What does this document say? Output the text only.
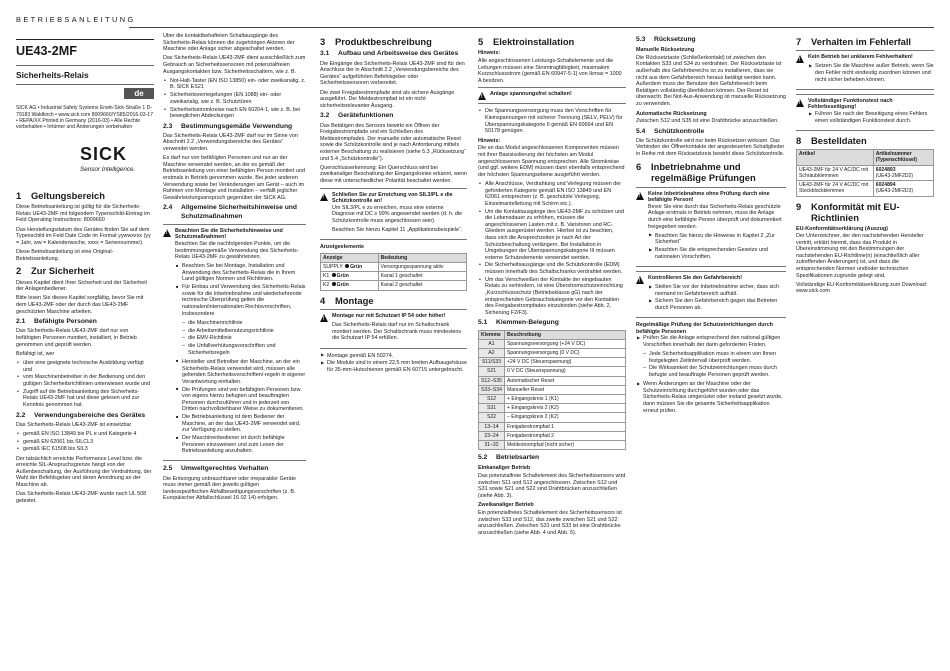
BETRIEBSANLEITUNG
UE43-2MF
Sicherheits-Relais
de

SICK AG • Industrial Safety Systems Erwin-Sick-Straße 1 D-79183 Waldkirch • www.sick.com 8009660/YS85/2016-03-17 • REPA/XX Printed in Germany (2016-03) • Alle Rechte vorbehalten • Irrtümer und Änderungen vorbehalten

SICK
Sensor Intelligence.
1 Geltungsbereich

Diese Betriebsanleitung ist gültig für die Sicherheits-Relais UE43-2MF mit folgendem Typenschild-Eintrag im Feld Operating Instructions: 8009660

Das Herstellungsdatum des Gerätes finden Sie auf dem Typenschild im Feld Date Code im Format yywwxxxx (yy = Jahr, ww = Kalenderwoche, xxxx = Seriennummer).

Diese Betriebsanleitung ist eine Original-Betriebsanleitung.

2 Zur Sicherheit

Dieses Kapitel dient Ihrer Sicherheit und der Sicherheit der Anlagenbediener.

Bitte lesen Sie dieses Kapitel sorgfältig, bevor Sie mit dem UE43-2MF oder der durch das UE43-2MF geschützten Maschine arbeiten.

2.1 Befähigte Personen

Das Sicherheits-Relais UE43-2MF darf nur von befähigten Personen montiert, installiert, in Betrieb genommen und geprüft werden.

Befähigt ist, wer

• über eine geeignete technische Ausbildung verfügt und
• vom Maschinenbetreiber in der Bedienung und den gültigen Sicherheitsrichtlinien unterwiesen wurde und
• Zugriff auf die Betriebsanleitung des Sicherheits-Relais UE43-2MF hat und diese gelesen und zur Kenntnis genommen hat.
2.2 Verwendungsbereiche des Gerätes

Das Sicherheits-Relais UE43-2MF ist einsetzbar

• gemäß EN ISO 13849 bis PL e und Kategorie 4
• gemäß EN 62061 bis SILCL3
• gemäß IEC 61508 bis SIL3

Der tatsächlich erreichte Performance Level bzw. die erreichte SIL-Anspruchsgrenze hängt von der Außenbeschaltung, der Ausführung der Verdrahtung, der Wahl der Befehlsgeber und deren Anordnung an der Maschine ab.

Das Sicherheits-Relais UE43-2MF wurde nach UL 508 getestet.

Über die kontaktbehafteten Schaltausgänge des Sicherheits-Relais können die zugehörigen Aktoren der Maschine oder Anlage sicher abgeschaltet werden.

Das Sicherheits-Relais UE43-2MF dient ausschließlich zum Gebrauch an Sicherheitssensoren mit potenzialfreien Ausgangskontakten bzw. Sicherheitsschaltern, wie z. B.

• Not-Halt-Taster (EN ISO 13850) ein- oder zweikanalig, z. B. SICK ES21
• Sicherheitsverriegelungen (EN 1088) ein- oder zweikanalig, wie z. B. Schutztüren
• Sicherheitsstromkreise nach EN 60204-1, wie z. B. bei beweglichen Abdeckungen
2.3 Bestimmungsgemäße Verwendung

Das Sicherheits-Relais UE43-2MF darf nur im Sinne von Abschnitt 2.2 „Verwendungsbereiche des Gerätes“ verwendet werden.

Es darf nur von befähigten Personen und nur an der Maschine verwendet werden, an der es gemäß der Betriebsanleitung von einer befähigten Person montiert und erstmals in Betrieb genommen wurde. Bei jeder anderen Verwendung sowie bei Veränderungen am Gerät – auch im Rahmen von Montage und Installation – verfällt jeglicher Gewährleistungsanspruch gegenüber der SICK AG.

2.4 Allgemeine Sicherheitshinweise und Schutzmaßnahmen
!
Beachten Sie die Sicherheitshinweise und Schutzmaßnahmen!

Beachten Sie die nachfolgenden Punkte, um die bestimmungsgemäße Verwendung des Sicherheits-Relais UE43-2MF zu gewährleisten.

■ Beachten Sie bei Montage, Installation und Anwendung des Sicherheits-Relais die in Ihrem Land gültigen Normen und Richtlinien.
■ Für Einbau und Verwendung des Sicherheits-Relais sowie für die Inbetriebnahme und wiederkehrende technische Überprüfung gelten die nationalen/internationalen Rechtsvorschriften, insbesondere
– die Maschinenrichtlinie
– die Arbeitsmittelbenutzungsrichtlinie
– die EMV-Richtlinie
– die Unfallverhütungsvorschriften und Sicherheitsregeln
■ Hersteller und Betreiber der Maschine, an der ein Sicherheits-Relais verwendet wird, müssen alle geltenden Sicherheitsvorschriften/-regeln in eigener Verantwortung einhalten.
■ Die Prüfungen sind von befähigten Personen bzw. von eigens hierzu befugten und beauftragten Personen durchzuführen und in jederzeit von Dritten nachvollziehbarer Weise zu dokumentieren.
■ Die Betriebsanleitung ist dem Bediener der Maschine, an der das UE43-2MF verwendet wird, zur Verfügung zu stellen.
■ Der Maschinenbediener ist durch befähigte Personen einzuweisen und zum Lesen der Betriebsanleitung anzuhalten.
2.5 Umweltgerechtes Verhalten

Die Entsorgung unbrauchbarer oder irreparabler Geräte muss immer gemäß den jeweils gültigen landesspezifischen Abfallbeseitigungsvorschriften (z. B. Europäischer Abfallschlüssel 16 02 14) erfolgen.

3 Produktbeschreibung
3.1 Aufbau und Arbeitsweise des Gerätes

Die Eingänge des Sicherheits-Relais UE43-2MF sind für den Anschluss der in Abschnitt 2.2 „Verwendungsbereiche des Gerätes“ aufgeführten Befehlsgeber oder Sicherheitssensoren vorbereitet.

Die zwei Freigabestrompfade sind als sichere Ausgänge ausgeführt. Der Meldestrompfad ist ein nicht sicherheitsrelevanter Ausgang.

3.2 Gerätefunktionen

Das Betätigen des Sensors bewirkt ein Öffnen der Freigabestrompfade und ein Schließen des Meldestrompfades. Der manuelle oder automatische Reset sowie die Schützkontrolle sind je nach Anforderung mittels externer Beschaltung zu realisieren (siehe 5.3 „Rücksetzung“ und 5.4 „Schützkontrolle“).

Querschlusserkennung: Ein Querschluss wird bei zweikanaliger Beschaltung der Eingangskreise erkannt, wenn diese mit unterschiedlicher Polarität beschaltet werden.

!
Schließen Sie zur Erreichung von SIL3/PL e die Schützkontrolle an!

Um SIL3/PL e zu erreichen, muss eine externe Diagnose mit DC ≥ 99% angewendet werden (d. h. die Schützkontrolle muss angeschlossen sein).

Beachten Sie hierzu Kapitel 11 „Applikationsbeispiele“.

Anzeigeelemente
Anzeige	Bedeutung
SUPPLY Grün	Versorgungsspannung aktiv
K1 Grün	Kanal 1 geschaltet
K2 Grün	Kanal 2 geschaltet
4 Montage
!
Montage nur mit Schutzart IP 54 oder höher!

Das Sicherheits-Relais darf nur im Schaltschrank montiert werden. Der Schaltschrank muss mindestens die Schutzart IP 54 erfüllen.

▶ Montage gemäß EN 50274.
▶ Die Module sind in einem 22,5 mm breiten Aufbaugehäuse für 35-mm-Hutschienen gemäß EN 60715 untergebracht.
5 Elektroinstallation
Hinweis:

Alle angeschlossenen Leistungs-Schaltelemente und die Leitungen müssen eine Stromtragfähigkeit, maximalem Kurzschlussstrom (gemäß EN 60947-5-1) von Ikmax = 1000 A besitzen.

!
Anlage spannungsfrei schalten!
• Die Spannungsversorgung muss den Vorschriften für Kleinspannungen mit sicherer Trennung (SELV, PELV) für Überspannungskategorie II gemäß EN 60664 und EN 50178 genügen.
Hinweis:

Die an das Modul angeschlossenen Komponenten müssen mit ihrer Basisisolierung der höchsten am Modul angeschlossenen Spannung entsprechen. Alle Stromkreise (und ggf. weitere EDM) müssen dann ebenfalls entsprechend der höchsten Spannungsebene ausgeführt werden.

• Alle Anschlüsse, Verdrahtung und Verlegung müssen der geforderten Kategorie gemäß EN ISO 13849 und EN 62061 entsprechen (z. B. geschützte Verlegung, Einzelmantelleitung mit Schirm etc.).
• Um die Kontaktausgänge des UE43-2MF zu schützen und die Lebensdauer zu erhöhen, müssen die angeschlossenen Lasten mit z. B. Varistoren und RC-Gliedern ausgerüstet werden. Hierbei ist zu beachten, dass sich die Ansprechzeiten je nach Art der Schutzbeschaltung verlängern. Bei Installation in Umgebungen der Überspannungskategorie III müssen externe Schutzelemente verwendet werden.
• Die Sicherheitsausgänge und die Schützkontrolle (EDM) müssen innerhalb des Schaltschranks verdrahtet werden.
• Um das Verschweißen der Kontakte der eingebauten Relais zu verhindern, ist eine Überstromschutzeinrichtung „Kurzschlussschutz (Betriebsklasse gG) nach der entsprechenden Gebrauchskategorie vor den Kontakten des Freigabestrompfades einzubinden (siehe Abb. 2, Sicherung F2/F3).
5.1 Klemmen-Belegung
Klemme	Beschreibung
A1	Spannungsversorgung (+24 V DC)
A2	Spannungsversorgung (0 V DC)
S11/S33	+24 V DC (Steuerspannung)
S21	0 V DC (Steuerspannung)
S12–S35	Automatischer Reset
S33–S34	Manueller Reset
S12	+ Eingangskreis 1 (K1)
S31	+ Eingangskreis 2 (K2)
S22	– Eingangskreis 2 (K2)
13–14	Freigabestrompfad 1
23–24	Freigabestrompfad 2
31–32	Meldestrompfad (nicht sicher)
5.2 Betriebsarten
Einkanaliger Betrieb

Das potenzialfreie Schaltelement des Sicherheitssensors wird zwischen S11 und S12 angeschlossen. Zwischen S12 und S31 sowie S21 und S22 sind Drahtbrücken anzuschließen (siehe Abb. 3).

Zweikanaliger Betrieb

Ein potenzialfreies Schaltelement des Sicherheitssensors ist zwischen S33 und S12, das zweite zwischen S21 und S22 anzuschließen. Zwischen S31 und S33 ist eine Drahtbrücke anzuschließen (siehe Abb. 4 und Abb. 5).

5.3 Rücksetzung
Manuelle Rücksetzung

Die Rücksetztaste (Schließerkontakt) ist zwischen den Kontakten S33 und S34 zu verdrahten. Der Rücksetztaste ist außerhalb des Gefahrbereichs so zu installieren, dass sie nicht aus dem Gefahrbereich heraus betätigt werden kann. Außerdem muss der Benutzer den Gefahrbereich beim Betätigen vollständig überblicken können. Der Reset ist überwacht. Bei Not-Aus-Anwendung ist manuelle Rücksetzung zu verwenden.

Automatische Rücksetzung

Zwischen S12 und S35 ist eine Drahtbrücke anzuschließen.

5.4 Schützkontrolle

Die Schützkontrolle wird nur beim Rücksetzen wirksam. Das Verbinden der Öffnerkontakte der angesteuerten Schaltglieder in Reihe mit dem Rücksetzkreis bewirkt diese Schützkontrolle.

6 Inbetriebnahme und regelmäßige Prüfungen
!
Keine Inbetriebnahme ohne Prüfung durch eine befähigte Person!

Bevor Sie eine durch das Sicherheits-Relais geschützte Anlage erstmals in Betrieb nehmen, muss die Anlage durch eine befähigte Person überprüft und dokumentiert freigegeben werden.

▶ Beachten Sie hierzu die Hinweise in Kapitel 2 „Zur Sicherheit“
▶ Beachten Sie die entsprechenden Gesetze und nationalen Vorschriften.
!
Kontrollieren Sie den Gefahrbereich!
▶ Stellen Sie vor der Inbetriebnahme sicher, dass sich niemand im Gefahrbereich aufhält.
▶ Sichern Sie den Gefahrbereich gegen das Betreten durch Personen ab.
Regelmäßige Prüfung der Schutzeinrichtungen durch befähigte Personen
▶ Prüfen Sie die Anlage entsprechend den national gültigen Vorschriften innerhalb der darin geforderten Fristen.
– Jede Sicherheitsapplikation muss in einem von Ihnen festgelegten Zeitintervall überprüft werden.
– Die Wirksamkeit der Schutzeinrichtungen muss durch befugte und beauftragte Personen geprüft werden.
▶ Wenn Änderungen an der Maschine oder der Schutzeinrichtung durchgeführt wurden oder das Sicherheits-Relais umgerüstet oder instand gesetzt wurde, dann müssen Sie die gesamte Sicherheitsapplikation erneut prüfen.
7 Verhalten im Fehlerfall
!
Kein Betrieb bei unklarem Fehlverhalten!
▶ Setzen Sie die Maschine außer Betrieb, wenn Sie den Fehler nicht eindeutig zuordnen können und nicht sicher beheben können.
!
Vollständiger Funktionstest nach Fehlerbeseitigung!
▶ Führen Sie nach der Beseitigung eines Fehlers einen vollständigen Funktionstest durch.
8 Bestelldaten
Artikel	Artikelnummer (Typenschlüssel)
UE43-2MF für 24 V AC/DC mit Schraubklemmen	6024893
(UE43-2MF2D2)
UE43-2MF für 24 V AC/DC mit Steckblockklemmen	6024894
(UE43-2MF2D3)
9 Konformität mit EU-Richtlinien
EU-Konformitätserklärung (Auszug)

Der Unterzeichner, der den nachstehenden Hersteller vertritt, erklärt hiermit, dass das Produkt in Übereinstimmung mit den Bestimmungen der nachstehenden EU-Richtlinie(n) (einschließlich aller zutreffenden Änderungen) ist, und dass die entsprechenden Normen und/oder technischen Spezifikationen zugrunde gelegt sind.

Vollständige EU-Konformitätserklärung zum Download: www.sick.com
